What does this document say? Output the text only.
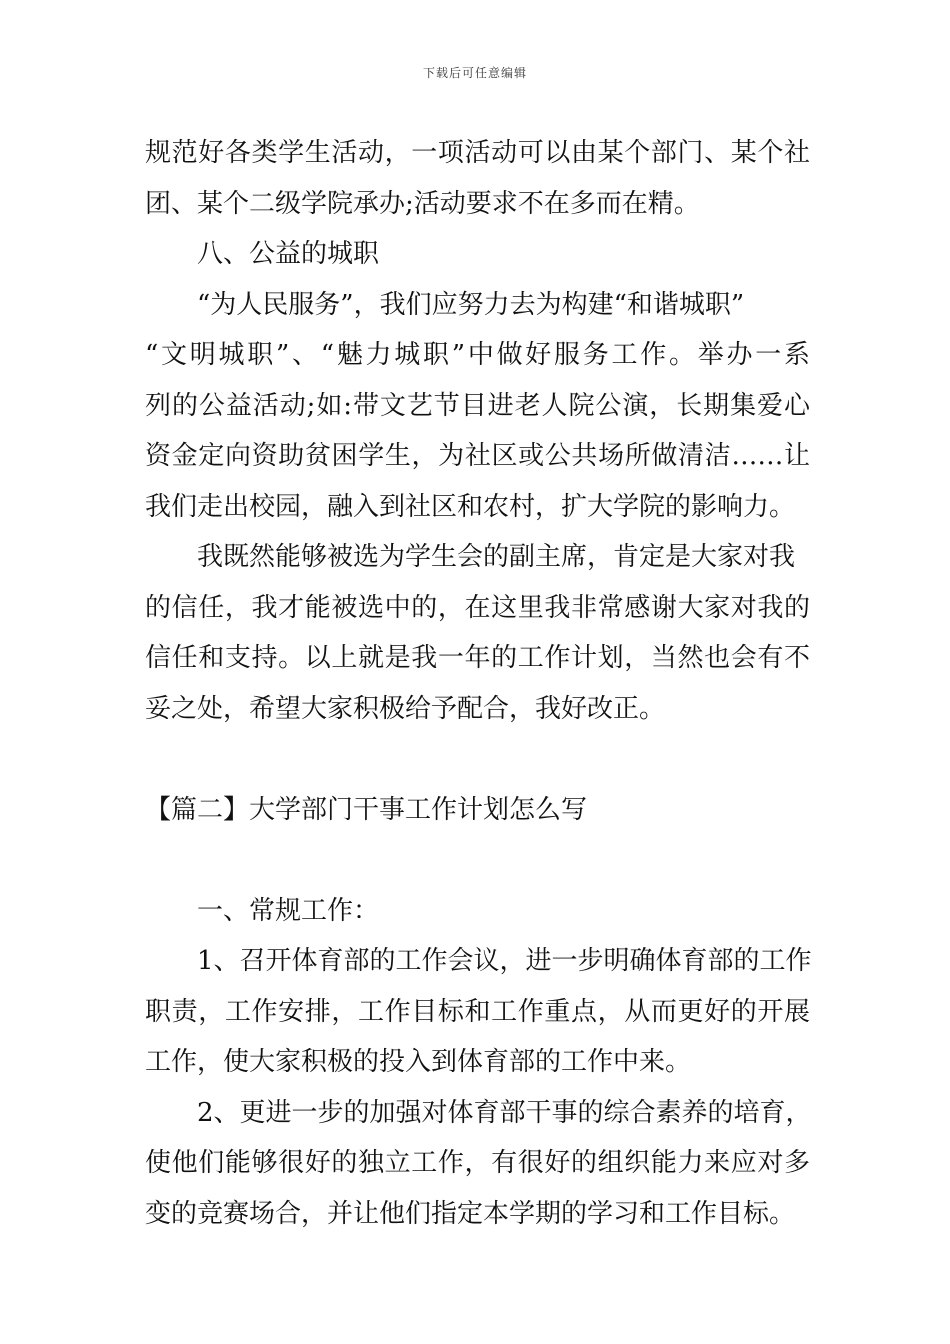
下载后可任意编辑
规范好各类学生活动，一项活动可以由某个部门、某个社
团、某个二级学院承办;活动要求不在多而在精。
八、公益的城职
“为人民服务”，我们应努力去为构建“和谐城职”
“文明城职”、“魅力城职”中做好服务工作。举办一系
列的公益活动;如:带文艺节目进老人院公演，长期集爱心
资金定向资助贫困学生，为社区或公共场所做清洁……让
我们走出校园，融入到社区和农村，扩大学院的影响力。
我既然能够被选为学生会的副主席，肯定是大家对我
的信任，我才能被选中的，在这里我非常感谢大家对我的
信任和支持。以上就是我一年的工作计划，当然也会有不
妥之处，希望大家积极给予配合，我好改正。
【篇二】大学部门干事工作计划怎么写
一、常规工作：
1、召开体育部的工作会议，进一步明确体育部的工作
职责，工作安排，工作目标和工作重点，从而更好的开展
工作，使大家积极的投入到体育部的工作中来。
2、更进一步的加强对体育部干事的综合素养的培育，
使他们能够很好的独立工作，有很好的组织能力来应对多
变的竞赛场合，并让他们指定本学期的学习和工作目标。
